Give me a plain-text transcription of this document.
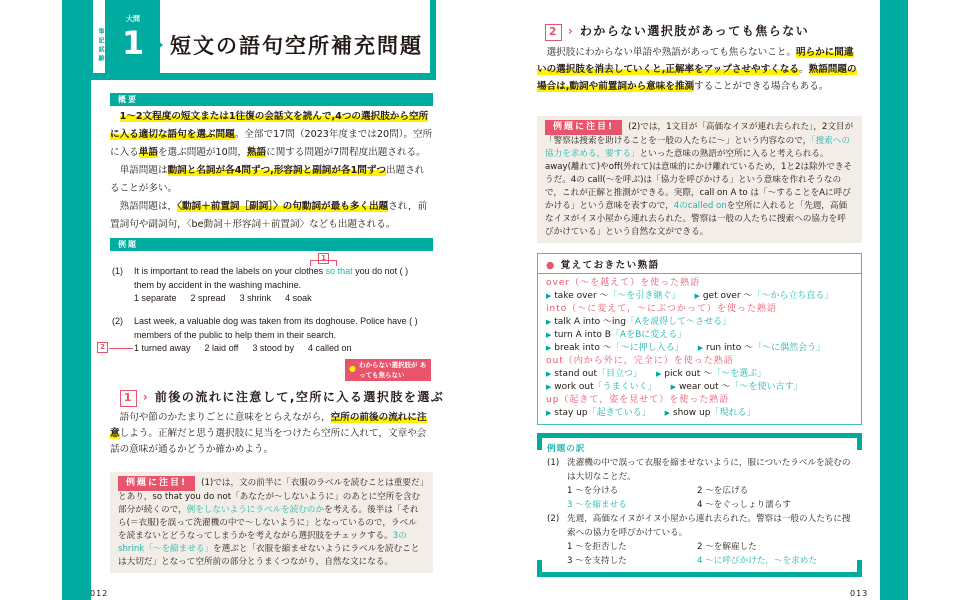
筆記試験
大問
1	短文の語句空所補充問題
概要
1〜2文程度の短文または1往復の会話文を読んで,4つの選択肢から空所に入る適切な語句を選ぶ問題。全部で17問（2023年度までは20問）。空所に入る単語を選ぶ問題が10問，熟語に関する問題が7問程度出題される。
単語問題は動詞と名詞が各4問ずつ,形容詞と副詞が各1問ずつ出題されることが多い。
熟語問題は，〈動詞＋前置詞［副詞］〉の句動詞が最も多く出題され，前置詞句や副詞句，〈be動詞＋形容詞＋前置詞〉なども出題される。
例題
1
(1) It is important to read the labels on your clothes so that you do not ( )
them by accident in the washing machine.
1 separate 2 spread 3 shrink 4 soak
(2) Last week, a valuable dog was taken from its doghouse. Police have ( )
members of the public to help them in their search.
1 turned away 2 laid off 3 stood by 4 called on
2
● わからない選択肢が あっても焦らない
1 › 前後の流れに注意して,空所に入る選択肢を選ぶ
語句や節のかたまりごとに意味をとらえながら，空所の前後の流れに注意しよう。正解だと思う選択肢に見当をつけたら空所に入れて，文章や会話の意味が通るかどうか確かめよう。
例題に注目! (1)では，文の前半に「衣服のラベルを読むことは重要だ」とあり，so that you do not「あなたが〜しないように」のあとに空所を含む部分が続くので，例をしないようにラベルを読むのかを考える。後半は「それら(＝衣服)を誤って洗濯機の中で〜しないように」となっているので，ラベルを読まないとどうなってしまうかを考えながら選択肢をチェックする。3のshrink「〜を縮ませる」を選ぶと「衣服を縮ませないようにラベルを読むことは大切だ」となって空所前の部分とうまくつながり，自然な文になる。
012
2 › わからない選択肢があっても焦らない
選択肢にわからない単語や熟語があっても焦らないこと。明らかに間違いの選択肢を消去していくと,正解率をアップさせやすくなる。熟語問題の場合は,動詞や前置詞から意味を推測することができる場合もある。
例題に注目! (2)では，1文目が「高価なイヌが連れ去られた」，2文目が「警察は捜索を助けることを一般の人たちに〜」という内容なので，「捜索への協力を求める，要する」といった意味の熟語が空所に入ると考えられる。away(離れて)やoff(外れて)は意味的にかけ離れているため，1と2は除外できそうだ。4の call(〜を呼ぶ)は「協力を呼びかける」という意味を作れそうなので，これが正解と推測ができる。実際，call on A to は「〜することをAに呼びかける」という意味を表すので，4のcalled onを空所に入れると「先週，高価なイヌがイヌ小屋から連れ去られた。警察は一般の人たちに捜索への協力を呼びかけている」という自然な文ができる。
● 覚えておきたい熟語
over（〜を越えて）を使った熟語
▶ take over 〜「〜を引き継ぐ」 ▶ get over 〜「〜から立ち直る」
into（〜に変えて，〜にぶつかって）を使った熟語
▶ talk A into 〜ing「Aを説得して〜させる」▶ turn A into B「AをBに変える」
▶ break into 〜「〜に押し入る」 ▶ run into 〜「〜に偶然会う」
out（内から外に，完全に）を使った熟語
▶ stand out「目立つ」 ▶ pick out 〜「〜を選ぶ」
▶ work out「うまくいく」 ▶ wear out 〜「〜を使い古す」
up（起きて，姿を見せて）を使った熟語
▶ stay up「起きている」 ▶ show up「現れる」
例題の訳
(1) 洗濯機の中で誤って衣服を縮ませないように，服についたラベルを読むのは大切なことだ。
1 〜を分ける	2 〜を広げる
3 〜を縮ませる	4 〜をぐっしょり濡らす
(2) 先週，高価なイヌがイヌ小屋から連れ去られた。警察は一般の人たちに捜索への協力を呼びかけている。
1 〜を拒否した	2 〜を解雇した
3 〜を支持した	4 〜に呼びかけた，〜を求めた
013
